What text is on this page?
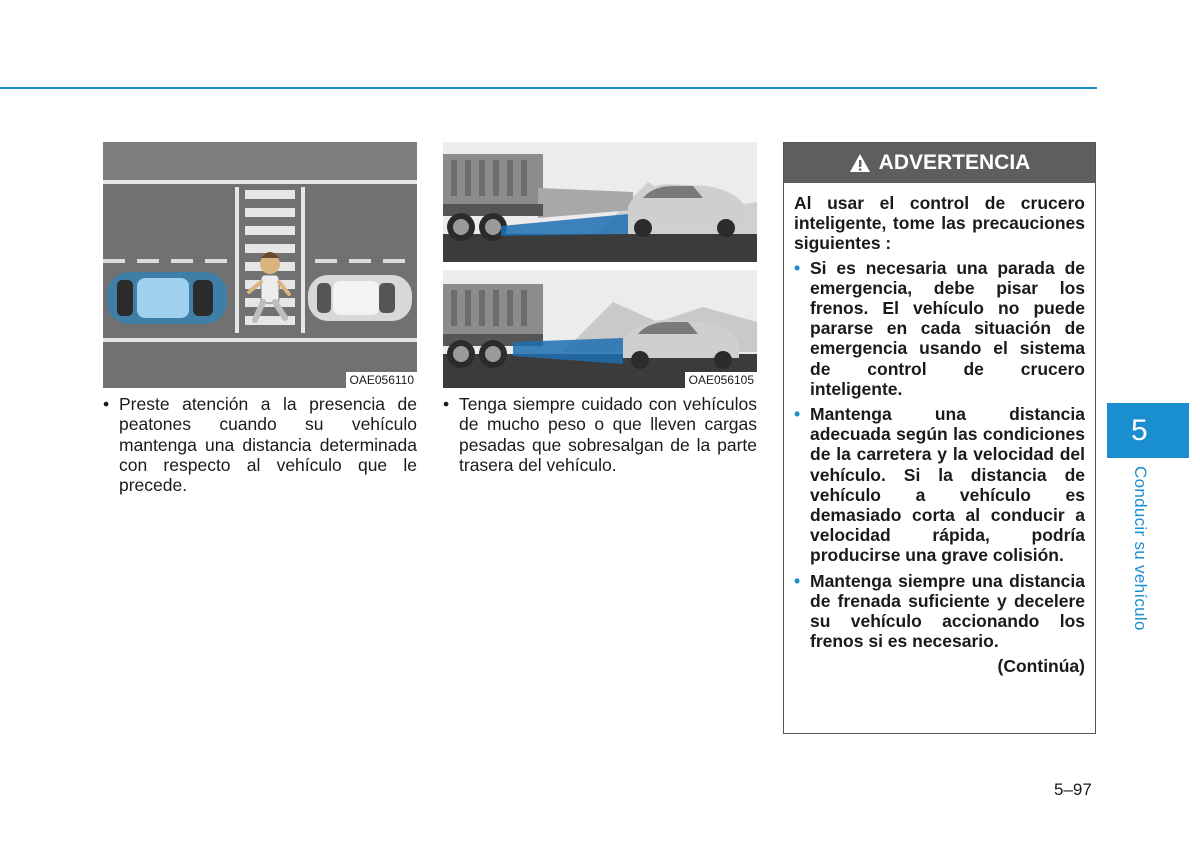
OAE056110	OAE056105
• Preste atención a la presencia de peatones cuando su vehículo mantenga una distancia determinada con respecto al vehículo que le precede.
• Tenga siempre cuidado con vehículos de mucho peso o que lleven cargas pesadas que sobresalgan de la parte trasera del vehículo.
ADVERTENCIA
Al usar el control de crucero inteligente, tome las precauciones siguientes :
• Si es necesaria una parada de emergencia, debe pisar los frenos. El vehículo no puede pararse en cada situación de emergencia usando el sistema de control de crucero inteligente.
• Mantenga una distancia adecuada según las condiciones de la carretera y la velocidad del vehículo. Si la distancia de vehículo a vehículo es demasiado corta al conducir a velocidad rápida, podría producirse una grave colisión.
• Mantenga siempre una distancia de frenada suficiente y decelere su vehículo accionando los frenos si es necesario.
(Continúa)
5
Conducir su vehículo
5–97
